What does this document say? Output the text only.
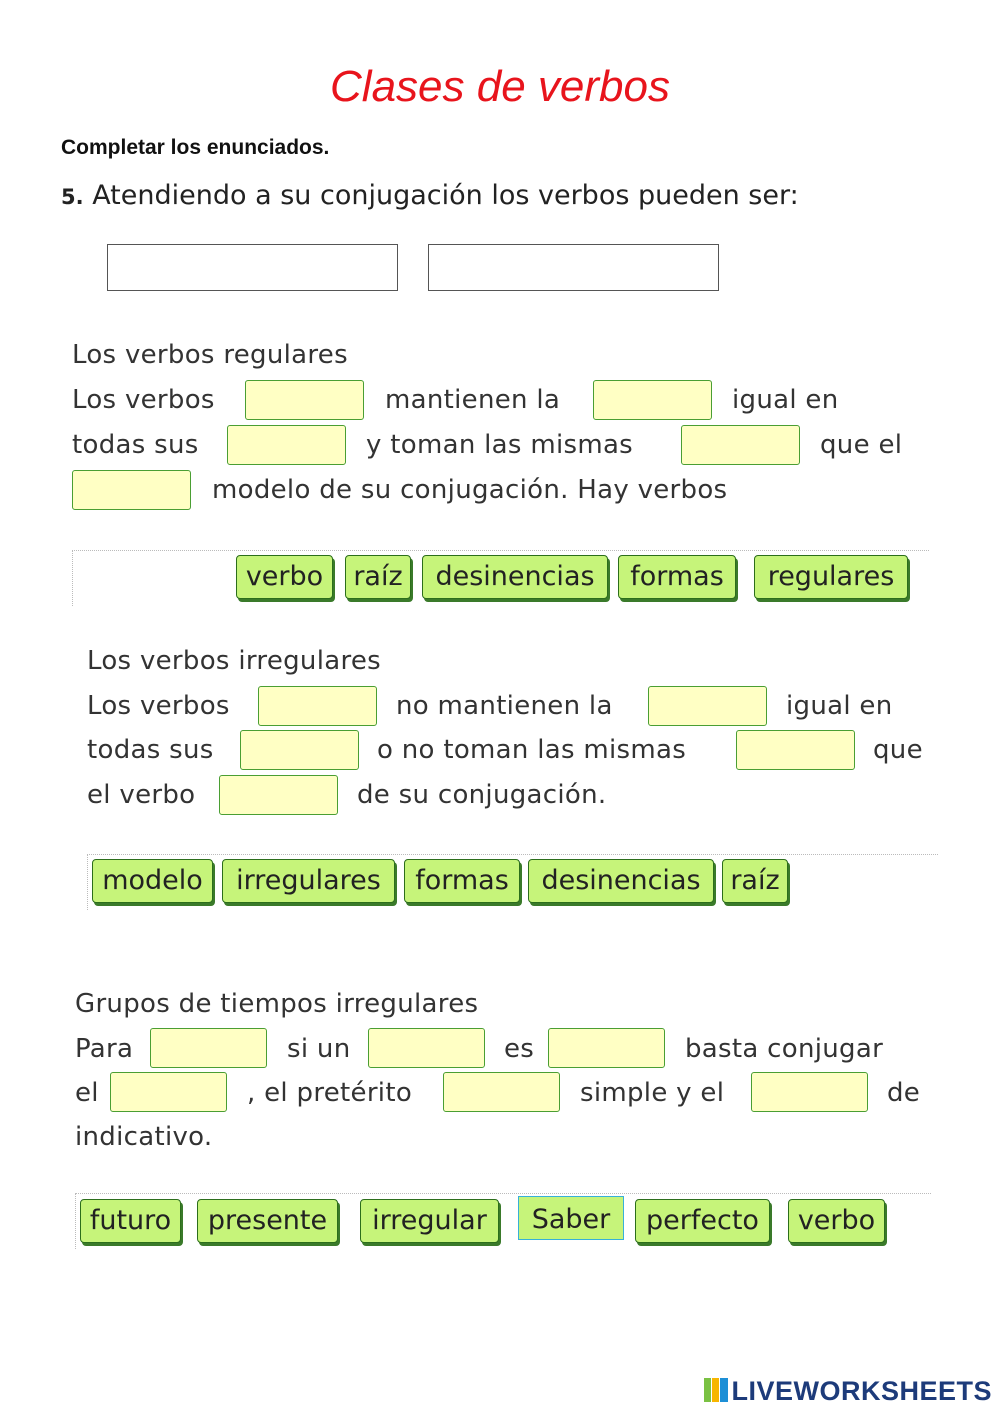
Clases de verbos
Completar los enunciados.
5. Atendiendo a su conjugación los verbos pueden ser:
Los verbos regulares
Los verbos	mantienen la	igual en
todas sus	y toman las mismas	que el
modelo de su conjugación. Hay verbos
verbo	raíz	desinencias	formas	regulares
Los verbos irregulares
Los verbos	no mantienen la	igual en
todas sus	o no toman las mismas	que
el verbo	de su conjugación.
modelo	irregulares	formas	desinencias	raíz
Grupos de tiempos irregulares
Para	si un	es	basta conjugar
el	, el pretérito	simple y el	de
indicativo.
futuro	presente	irregular	Saber	perfecto	verbo
LIVEWORKSHEETS
